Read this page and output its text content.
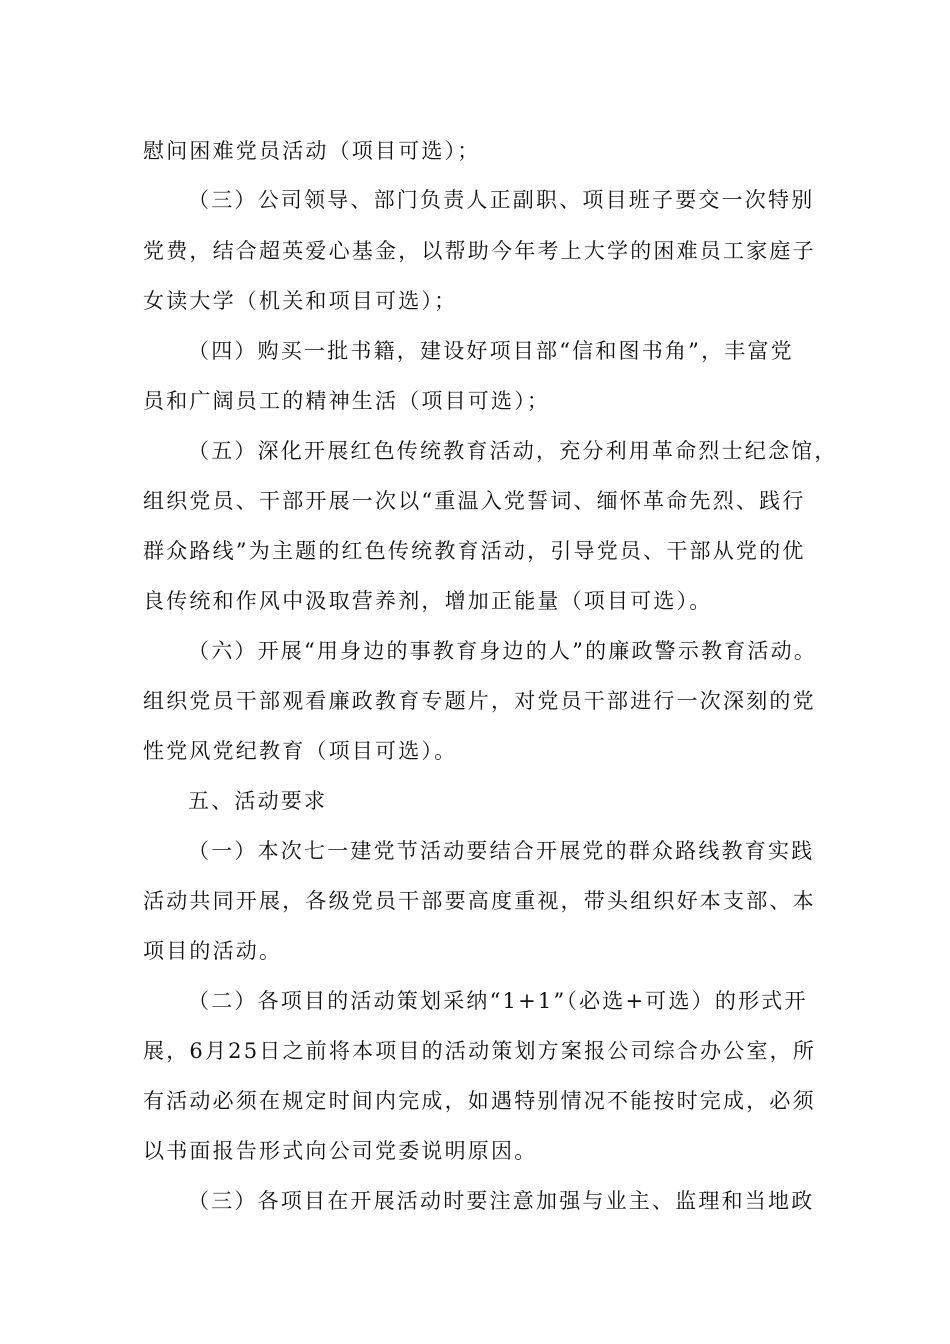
慰问困难党员活动（项目可选）；
（三）公司领导、部门负责人正副职、项目班子要交一次特别
党费，结合超英爱心基金，以帮助今年考上大学的困难员工家庭子
女读大学（机关和项目可选）；
（四）购买一批书籍，建设好项目部“信和图书角”，丰富党
员和广阔员工的精神生活（项目可选）；
（五）深化开展红色传统教育活动，充分利用革命烈士纪念馆，
组织党员、干部开展一次以“重温入党誓词、缅怀革命先烈、践行
群众路线”为主题的红色传统教育活动，引导党员、干部从党的优
良传统和作风中汲取营养剂，增加正能量（项目可选）。
（六）开展“用身边的事教育身边的人”的廉政警示教育活动。
组织党员干部观看廉政教育专题片，对党员干部进行一次深刻的党
性党风党纪教育（项目可选）。
五、活动要求
（一）本次七一建党节活动要结合开展党的群众路线教育实践
活动共同开展，各级党员干部要高度重视，带头组织好本支部、本
项目的活动。
（二）各项目的活动策划采纳“1+1”（必选+可选）的形式开
展，6月25日之前将本项目的活动策划方案报公司综合办公室，所
有活动必须在规定时间内完成，如遇特别情况不能按时完成，必须
以书面报告形式向公司党委说明原因。
（三）各项目在开展活动时要注意加强与业主、监理和当地政
